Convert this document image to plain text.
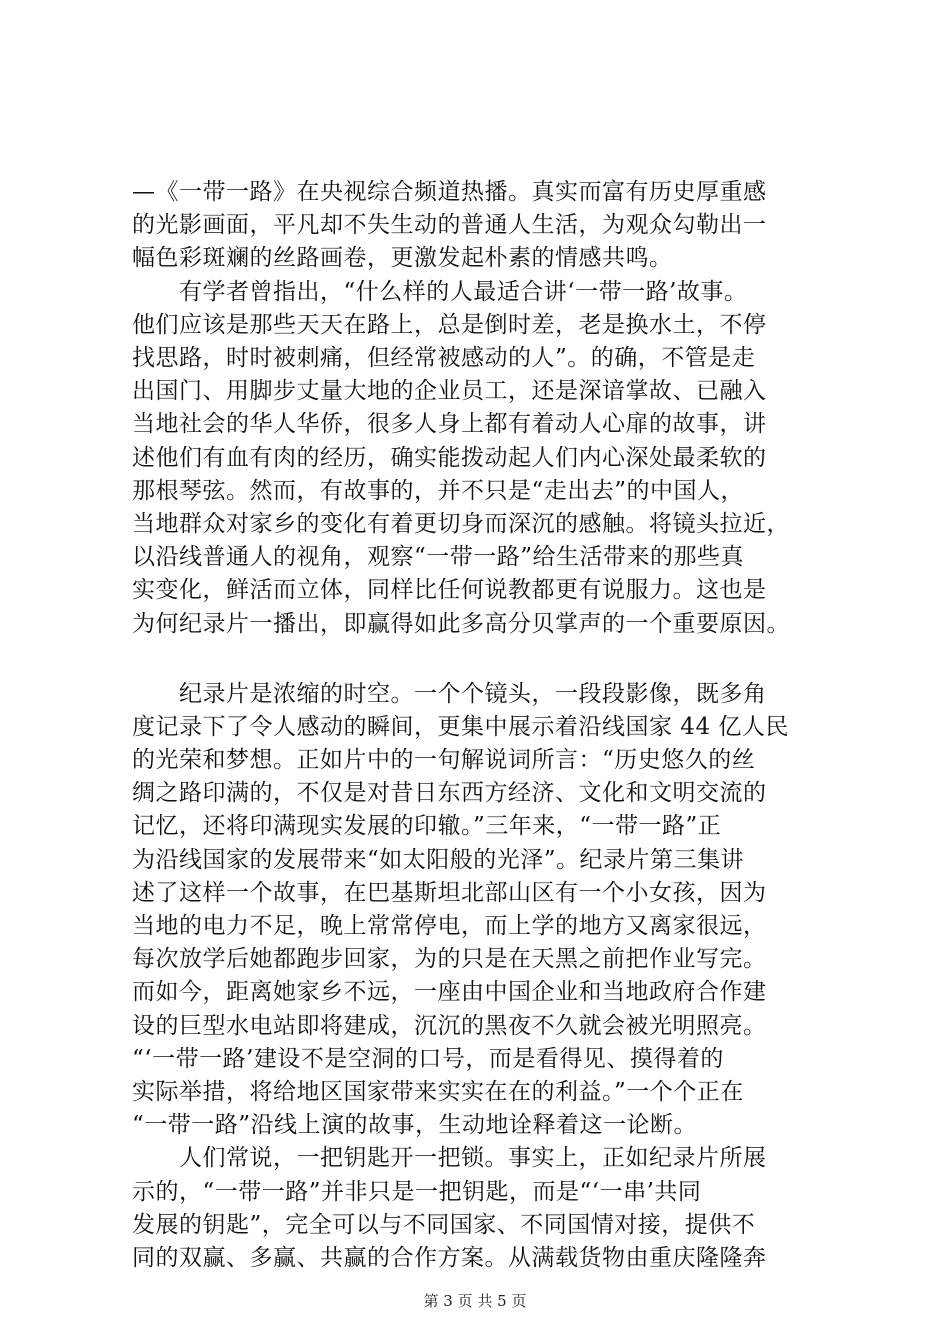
—《一带一路》在央视综合频道热播。真实而富有历史厚重感
的光影画面，平凡却不失生动的普通人生活，为观众勾勒出一
幅色彩斑斓的丝路画卷，更激发起朴素的情感共鸣。
　　有学者曾指出，“什么样的人最适合讲‘一带一路’故事。
他们应该是那些天天在路上，总是倒时差，老是换水土，不停
找思路，时时被刺痛，但经常被感动的人”。的确，不管是走
出国门、用脚步丈量大地的企业员工，还是深谙掌故、已融入
当地社会的华人华侨，很多人身上都有着动人心扉的故事，讲
述他们有血有肉的经历，确实能拨动起人们内心深处最柔软的
那根琴弦。然而，有故事的，并不只是“走出去”的中国人，
当地群众对家乡的变化有着更切身而深沉的感触。将镜头拉近，
以沿线普通人的视角，观察“一带一路”给生活带来的那些真
实变化，鲜活而立体，同样比任何说教都更有说服力。这也是
为何纪录片一播出，即赢得如此多高分贝掌声的一个重要原因。
　　纪录片是浓缩的时空。一个个镜头，一段段影像，既多角
度记录下了令人感动的瞬间，更集中展示着沿线国家 44 亿人民
的光荣和梦想。正如片中的一句解说词所言：“历史悠久的丝
绸之路印满的，不仅是对昔日东西方经济、文化和文明交流的
记忆，还将印满现实发展的印辙。”三年来，“一带一路”正
为沿线国家的发展带来“如太阳般的光泽”。纪录片第三集讲
述了这样一个故事，在巴基斯坦北部山区有一个小女孩，因为
当地的电力不足，晚上常常停电，而上学的地方又离家很远，
每次放学后她都跑步回家，为的只是在天黑之前把作业写完。
而如今，距离她家乡不远，一座由中国企业和当地政府合作建
设的巨型水电站即将建成，沉沉的黑夜不久就会被光明照亮。
“‘一带一路’建设不是空洞的口号，而是看得见、摸得着的
实际举措，将给地区国家带来实实在在的利益。”一个个正在
“一带一路”沿线上演的故事，生动地诠释着这一论断。
　　人们常说，一把钥匙开一把锁。事实上，正如纪录片所展
示的，“一带一路”并非只是一把钥匙，而是“‘一串’共同
发展的钥匙”，完全可以与不同国家、不同国情对接，提供不
同的双赢、多赢、共赢的合作方案。从满载货物由重庆隆隆奔
第 3 页 共 5 页
